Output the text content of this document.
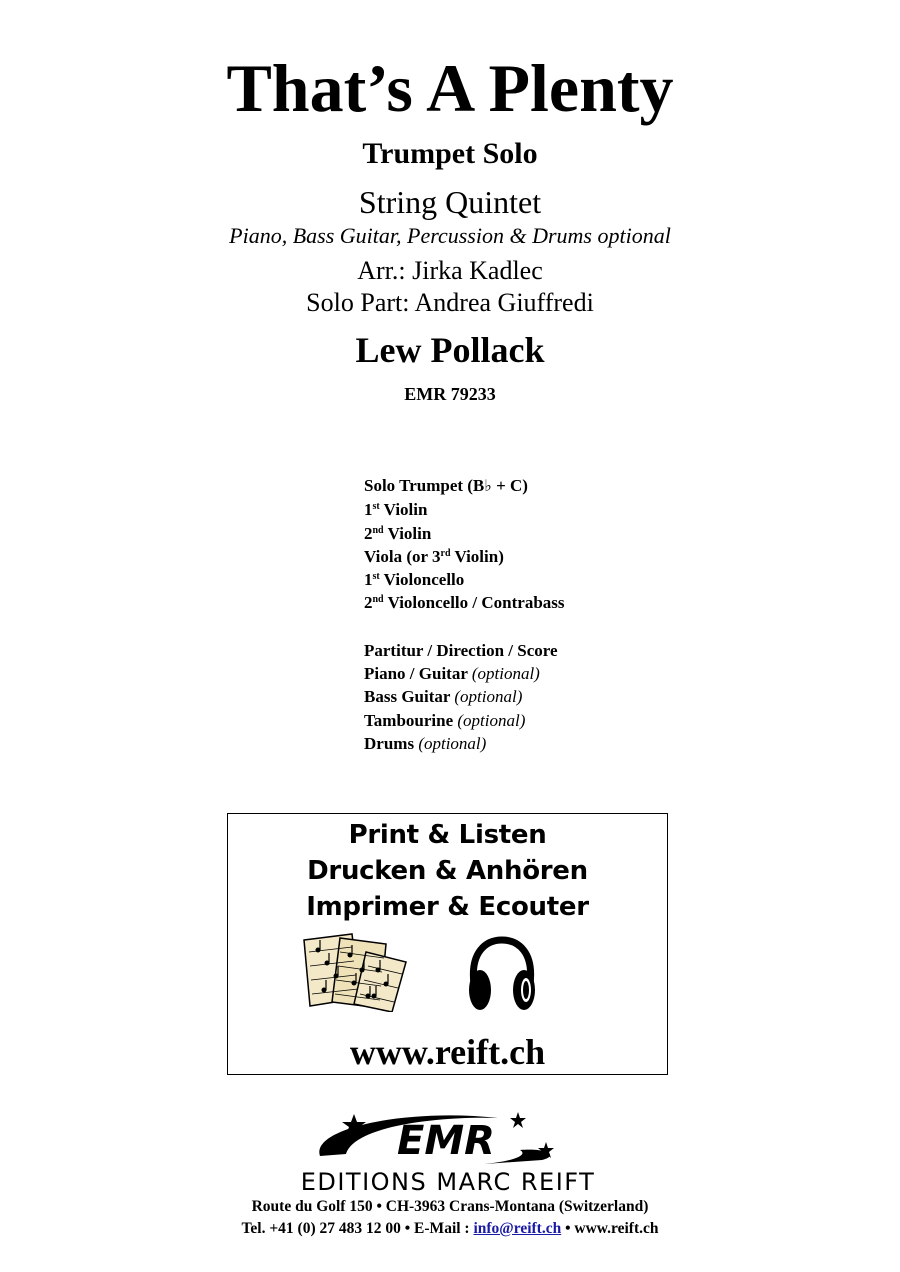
That’s A Plenty
Trumpet Solo
String Quintet
Piano, Bass Guitar, Percussion & Drums optional
Arr.: Jirka Kadlec
Solo Part: Andrea Giuffredi
Lew Pollack
EMR 79233
Solo Trumpet (B♭ + C)
1st Violin
2nd Violin
Viola (or 3rd Violin)
1st Violoncello
2nd Violoncello / Contrabass
Partitur / Direction / Score
Piano / Guitar (optional)
Bass Guitar (optional)
Tambourine (optional)
Drums (optional)
Print & Listen
Drucken & Anhören
Imprimer & Ecouter
www.reift.ch
EMR
EDITIONS MARC REIFT
Route du Golf 150 • CH-3963 Crans-Montana (Switzerland)
Tel. +41 (0) 27 483 12 00 • E-Mail : info@reift.ch • www.reift.ch
